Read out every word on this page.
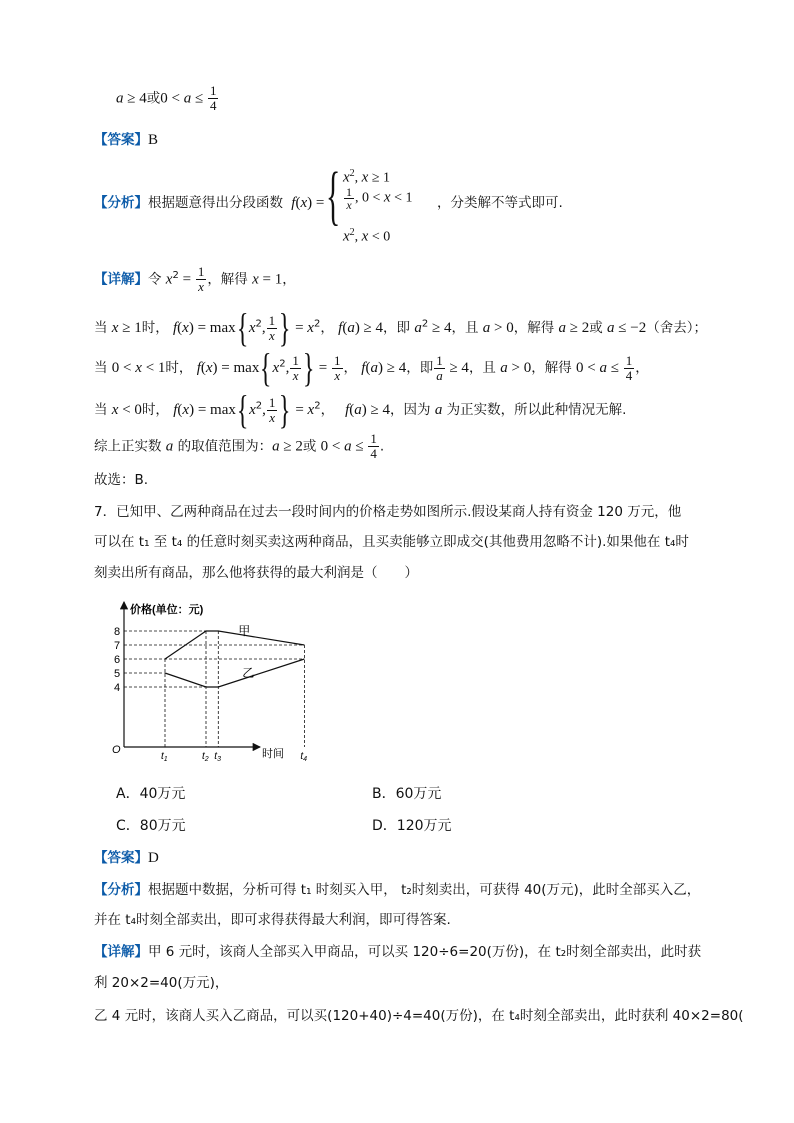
a ≥ 4或$0 < a \le \frac{1}{4}$
【答案】B
【分析】根据题意得出分段函数 f(x) = { $x^2$, x ≥ 1
$\frac{1}{x}$ , 0 < x < 1
$x^2$, x < 0
，分类解不等式即可.
【详解】令 $x^2 = \frac{1}{x}$ ，解得 x = 1，
当 x ≥ 1时， $f(x) = \max\{x^2$, $\frac{1}{x}$ } = $x^2$， f(a) ≥ 4，即 $a^2 \ge 4$，且 a > 0，解得 a ≥ 2或 a ≤ −2（舍去）；
当 0 < x < 1时， $f(x) = \max\{x^2$, $\frac{1}{x}$ } = $\frac{1}{x}$ ， f(a) ≥ 4，即 $\frac{1}{a} \ge 4$，且 a > 0，解得 $0 < a \le \frac{1}{4}$ ，
当 x < 0时， $f(x) = \max\{x^2$, $\frac{1}{x}$ } = $x^2$，　 f(a) ≥ 4，因为 a 为正实数，所以此种情况无解.
综上正实数 a 的取值范围为：a ≥ 2或 $0 < a \le \frac{1}{4}$ .
故选：B.
7．已知甲、乙两种商品在过去一段时间内的价格走势如图所示.假设某商人持有资金 120 万元，他
可以在 t₁ 至 t₄ 的任意时刻买卖这两种商品，且买卖能够立即成交(其他费用忽略不计).如果他在 t₄时
刻卖出所有商品，那么他将获得的最大利润是（　　）
价格(单位：元)
时间
O
4
5
6
7
8
$t_1$	$t_2$ $t_3$	$t_4$
甲
乙
A．40万元	B．60万元
C．80万元	D．120万元
【答案】D
【分析】根据题中数据，分析可得 t₁ 时刻买入甲， t₂时刻卖出，可获得 40(万元)，此时全部买入乙，
并在 t₄时刻全部卖出，即可求得获得最大利润，即可得答案.
【详解】甲 6 元时，该商人全部买入甲商品，可以买 120÷6=20(万份)，在 t₂时刻全部卖出，此时获
利 20×2=40(万元)，
乙 4 元时，该商人买入乙商品，可以买(120+40)÷4=40(万份)，在 t₄时刻全部卖出，此时获利 40×2=80(
